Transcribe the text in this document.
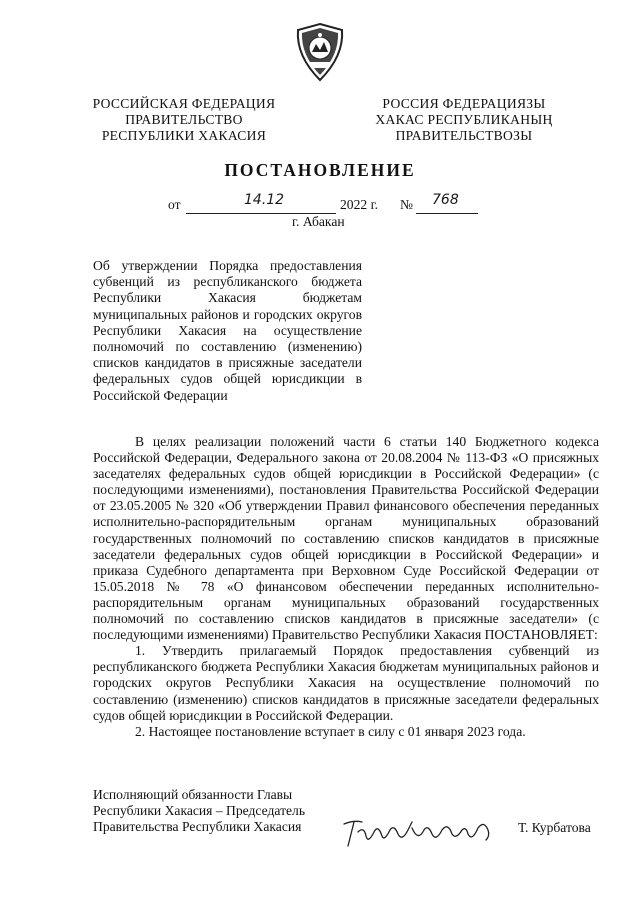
РОССИЙСКАЯ ФЕДЕРАЦИЯ
ПРАВИТЕЛЬСТВО
РЕСПУБЛИКИ ХАКАСИЯ
РОССИЯ ФЕДЕРАЦИЯЗЫ
ХАКАС РЕСПУБЛИКАНЫҢ
ПРАВИТЕЛЬСТВОЗЫ
ПОСТАНОВЛЕНИЕ
от	14.12	2022 г. № 768
г. Абакан
Об утверждении Порядка предоставления субвенций из республиканского бюджета Республики Хакасия бюджетам муниципальных районов и городских округов Республики Хакасия на осуществление полномочий по составлению (изменению) списков кандидатов в присяжные заседатели федеральных судов общей юрисдикции в Российской Федерации

В целях реализации положений части 6 статьи 140 Бюджетного кодекса Российской Федерации, Федерального закона от 20.08.2004 № 113-ФЗ «О присяжных заседателях федеральных судов общей юрисдикции в Российской Федерации» (с последующими изменениями), постановления Правительства Российской Федерации от 23.05.2005 № 320 «Об утверждении Правил финансового обеспечения переданных исполнительно-распорядительным органам муниципальных образований государственных полномочий по составлению списков кандидатов в присяжные заседатели федеральных судов общей юрисдикции в Российской Федерации» и приказа Судебного департамента при Верховном Суде Российской Федерации от 15.05.2018 № 78 «О финансовом обеспечении переданных исполнительно-распорядительным органам муниципальных образований государственных полномочий по составлению списков кандидатов в присяжные заседатели» (с последующими изменениями) Правительство Республики Хакасия ПОСТАНОВЛЯЕТ:

1. Утвердить прилагаемый Порядок предоставления субвенций из республиканского бюджета Республики Хакасия бюджетам муниципальных районов и городских округов Республики Хакасия на осуществление полномочий по составлению (изменению) списков кандидатов в присяжные заседатели федеральных судов общей юрисдикции в Российской Федерации.

2. Настоящее постановление вступает в силу с 01 января 2023 года.

Исполняющий обязанности Главы
Республики Хакасия – Председатель
Правительства Республики Хакасия	Т. Курбатова
